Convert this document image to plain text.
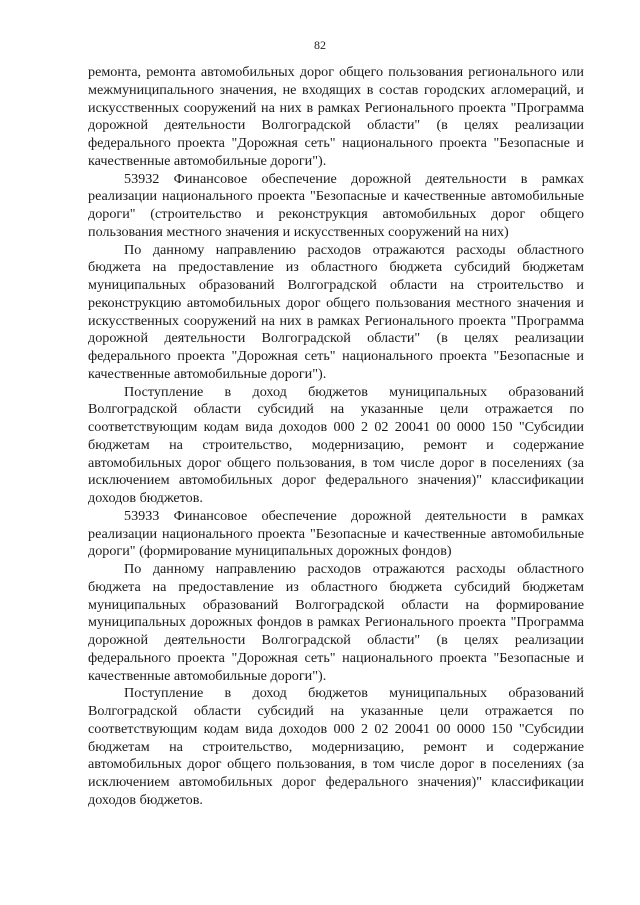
82

ремонта, ремонта автомобильных дорог общего пользования регионального или межмуниципального значения, не входящих в состав городских агломераций, и искусственных сооружений на них в рамках Регионального проекта "Программа дорожной деятельности Волгоградской области" (в целях реализации федерального проекта "Дорожная сеть" национального проекта "Безопасные и качественные автомобильные дороги").

53932 Финансовое обеспечение дорожной деятельности в рамках реализации национального проекта "Безопасные и качественные автомобильные дороги" (строительство и реконструкция автомобильных дорог общего пользования местного значения и искусственных сооружений на них)

По данному направлению расходов отражаются расходы областного бюджета на предоставление из областного бюджета субсидий бюджетам муниципальных образований Волгоградской области на строительство и реконструкцию автомобильных дорог общего пользования местного значения и искусственных сооружений на них в рамках Регионального проекта "Программа дорожной деятельности Волгоградской области" (в целях реализации федерального проекта "Дорожная сеть" национального проекта "Безопасные и качественные автомобильные дороги").

Поступление в доход бюджетов муниципальных образований Волгоградской области субсидий на указанные цели отражается по соответствующим кодам вида доходов 000 2 02 20041 00 0000 150 "Субсидии бюджетам на строительство, модернизацию, ремонт и содержание автомобильных дорог общего пользования, в том числе дорог в поселениях (за исключением автомобильных дорог федерального значения)" классификации доходов бюджетов.

53933 Финансовое обеспечение дорожной деятельности в рамках реализации национального проекта "Безопасные и качественные автомобильные дороги" (формирование муниципальных дорожных фондов)

По данному направлению расходов отражаются расходы областного бюджета на предоставление из областного бюджета субсидий бюджетам муниципальных образований Волгоградской области на формирование муниципальных дорожных фондов в рамках Регионального проекта "Программа дорожной деятельности Волгоградской области" (в целях реализации федерального проекта "Дорожная сеть" национального проекта "Безопасные и качественные автомобильные дороги").

Поступление в доход бюджетов муниципальных образований Волгоградской области субсидий на указанные цели отражается по соответствующим кодам вида доходов 000 2 02 20041 00 0000 150 "Субсидии бюджетам на строительство, модернизацию, ремонт и содержание автомобильных дорог общего пользования, в том числе дорог в поселениях (за исключением автомобильных дорог федерального значения)" классификации доходов бюджетов.
